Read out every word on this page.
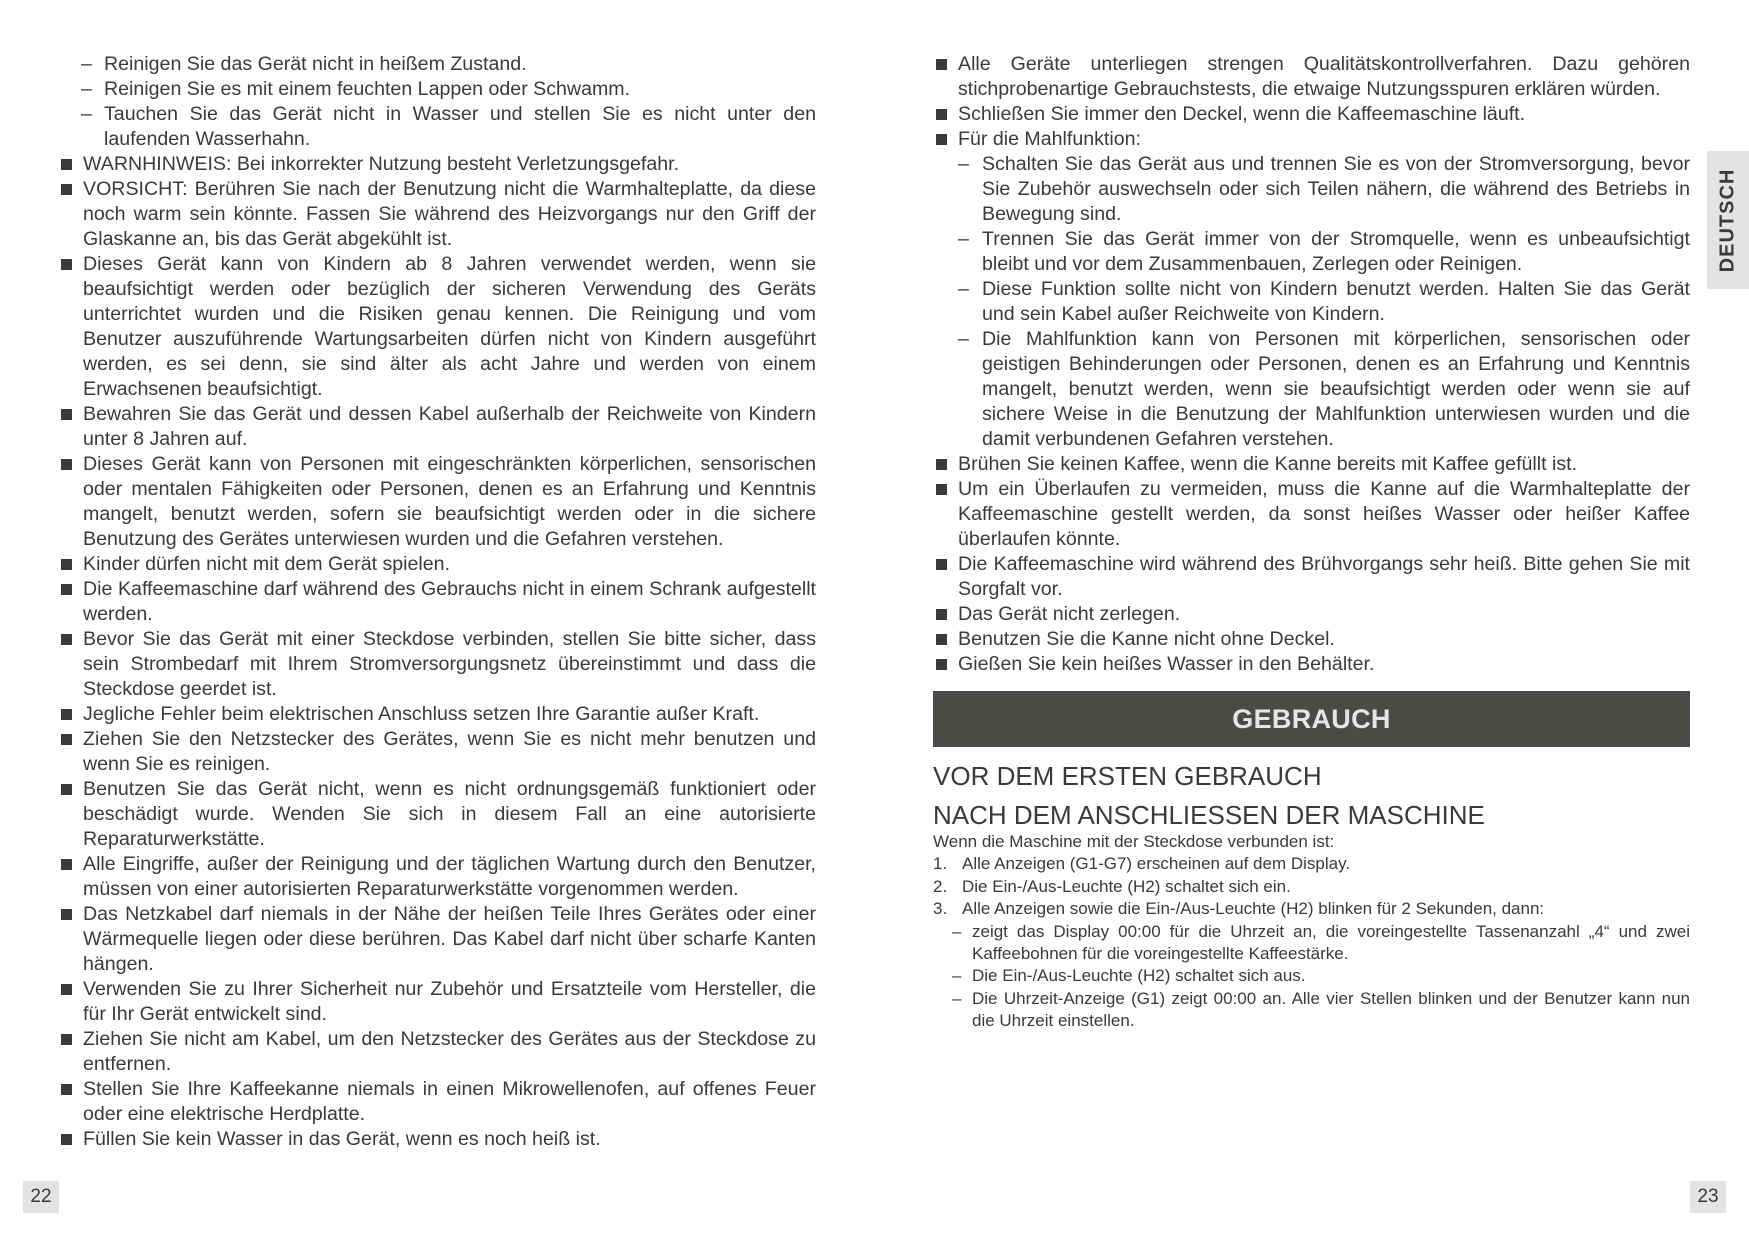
– Reinigen Sie das Gerät nicht in heißem Zustand.
– Reinigen Sie es mit einem feuchten Lappen oder Schwamm.
– Tauchen Sie das Gerät nicht in Wasser und stellen Sie es nicht unter den laufenden Wasserhahn.
WARNHINWEIS: Bei inkorrekter Nutzung besteht Verletzungsgefahr.
VORSICHT: Berühren Sie nach der Benutzung nicht die Warmhalteplatte, da diese noch warm sein könnte. Fassen Sie während des Heizvorgangs nur den Griff der Glaskanne an, bis das Gerät abgekühlt ist.
Dieses Gerät kann von Kindern ab 8 Jahren verwendet werden, wenn sie beaufsichtigt werden oder bezüglich der sicheren Verwendung des Geräts unterrichtet wurden und die Risiken genau kennen. Die Reinigung und vom Benutzer auszuführende Wartungsarbeiten dürfen nicht von Kindern ausgeführt werden, es sei denn, sie sind älter als acht Jahre und werden von einem Erwachsenen beaufsichtigt.
Bewahren Sie das Gerät und dessen Kabel außerhalb der Reichweite von Kindern unter 8 Jahren auf.
Dieses Gerät kann von Personen mit eingeschränkten körperlichen, sensorischen oder mentalen Fähigkeiten oder Personen, denen es an Erfahrung und Kenntnis mangelt, benutzt werden, sofern sie beaufsichtigt werden oder in die sichere Benutzung des Gerätes unterwiesen wurden und die Gefahren verstehen.
Kinder dürfen nicht mit dem Gerät spielen.
Die Kaffeemaschine darf während des Gebrauchs nicht in einem Schrank aufgestellt werden.
Bevor Sie das Gerät mit einer Steckdose verbinden, stellen Sie bitte sicher, dass sein Strombedarf mit Ihrem Stromversorgungsnetz übereinstimmt und dass die Steckdose geerdet ist.
Jegliche Fehler beim elektrischen Anschluss setzen Ihre Garantie außer Kraft.
Ziehen Sie den Netzstecker des Gerätes, wenn Sie es nicht mehr benutzen und wenn Sie es reinigen.
Benutzen Sie das Gerät nicht, wenn es nicht ordnungsgemäß funktioniert oder beschädigt wurde. Wenden Sie sich in diesem Fall an eine autorisierte Reparaturwerkstätte.
Alle Eingriffe, außer der Reinigung und der täglichen Wartung durch den Benutzer, müssen von einer autorisierten Reparaturwerkstätte vorgenommen werden.
Das Netzkabel darf niemals in der Nähe der heißen Teile Ihres Gerätes oder einer Wärmequelle liegen oder diese berühren. Das Kabel darf nicht über scharfe Kanten hängen.
Verwenden Sie zu Ihrer Sicherheit nur Zubehör und Ersatzteile vom Hersteller, die für Ihr Gerät entwickelt sind.
Ziehen Sie nicht am Kabel, um den Netzstecker des Gerätes aus der Steckdose zu entfernen.
Stellen Sie Ihre Kaffeekanne niemals in einen Mikrowellenofen, auf offenes Feuer oder eine elektrische Herdplatte.
Füllen Sie kein Wasser in das Gerät, wenn es noch heiß ist.
Alle Geräte unterliegen strengen Qualitätskontrollverfahren. Dazu gehören stichprobenartige Gebrauchstests, die etwaige Nutzungsspuren erklären würden.
Schließen Sie immer den Deckel, wenn die Kaffeemaschine läuft.
Für die Mahlfunktion:
– Schalten Sie das Gerät aus und trennen Sie es von der Stromversorgung, bevor Sie Zubehör auswechseln oder sich Teilen nähern, die während des Betriebs in Bewegung sind.
– Trennen Sie das Gerät immer von der Stromquelle, wenn es unbeaufsichtigt bleibt und vor dem Zusammenbauen, Zerlegen oder Reinigen.
– Diese Funktion sollte nicht von Kindern benutzt werden. Halten Sie das Gerät und sein Kabel außer Reichweite von Kindern.
– Die Mahlfunktion kann von Personen mit körperlichen, sensorischen oder geistigen Behinderungen oder Personen, denen es an Erfahrung und Kenntnis mangelt, benutzt werden, wenn sie beaufsichtigt werden oder wenn sie auf sichere Weise in die Benutzung der Mahlfunktion unterwiesen wurden und die damit verbundenen Gefahren verstehen.
Brühen Sie keinen Kaffee, wenn die Kanne bereits mit Kaffee gefüllt ist.
Um ein Überlaufen zu vermeiden, muss die Kanne auf die Warmhalteplatte der Kaffeemaschine gestellt werden, da sonst heißes Wasser oder heißer Kaffee überlaufen könnte.
Die Kaffeemaschine wird während des Brühvorgangs sehr heiß. Bitte gehen Sie mit Sorgfalt vor.
Das Gerät nicht zerlegen.
Benutzen Sie die Kanne nicht ohne Deckel.
Gießen Sie kein heißes Wasser in den Behälter.
GEBRAUCH
VOR DEM ERSTEN GEBRAUCH
NACH DEM ANSCHLIESSEN DER MASCHINE
Wenn die Maschine mit der Steckdose verbunden ist:
1. Alle Anzeigen (G1-G7) erscheinen auf dem Display.
2. Die Ein-/Aus-Leuchte (H2) schaltet sich ein.
3. Alle Anzeigen sowie die Ein-/Aus-Leuchte (H2) blinken für 2 Sekunden, dann:
– zeigt das Display 00:00 für die Uhrzeit an, die voreingestellte Tassenanzahl „4“ und zwei Kaffeebohnen für die voreingestellte Kaffeestärke.
– Die Ein-/Aus-Leuchte (H2) schaltet sich aus.
– Die Uhrzeit-Anzeige (G1) zeigt 00:00 an. Alle vier Stellen blinken und der Benutzer kann nun die Uhrzeit einstellen.
DEUTSCH
22	23
